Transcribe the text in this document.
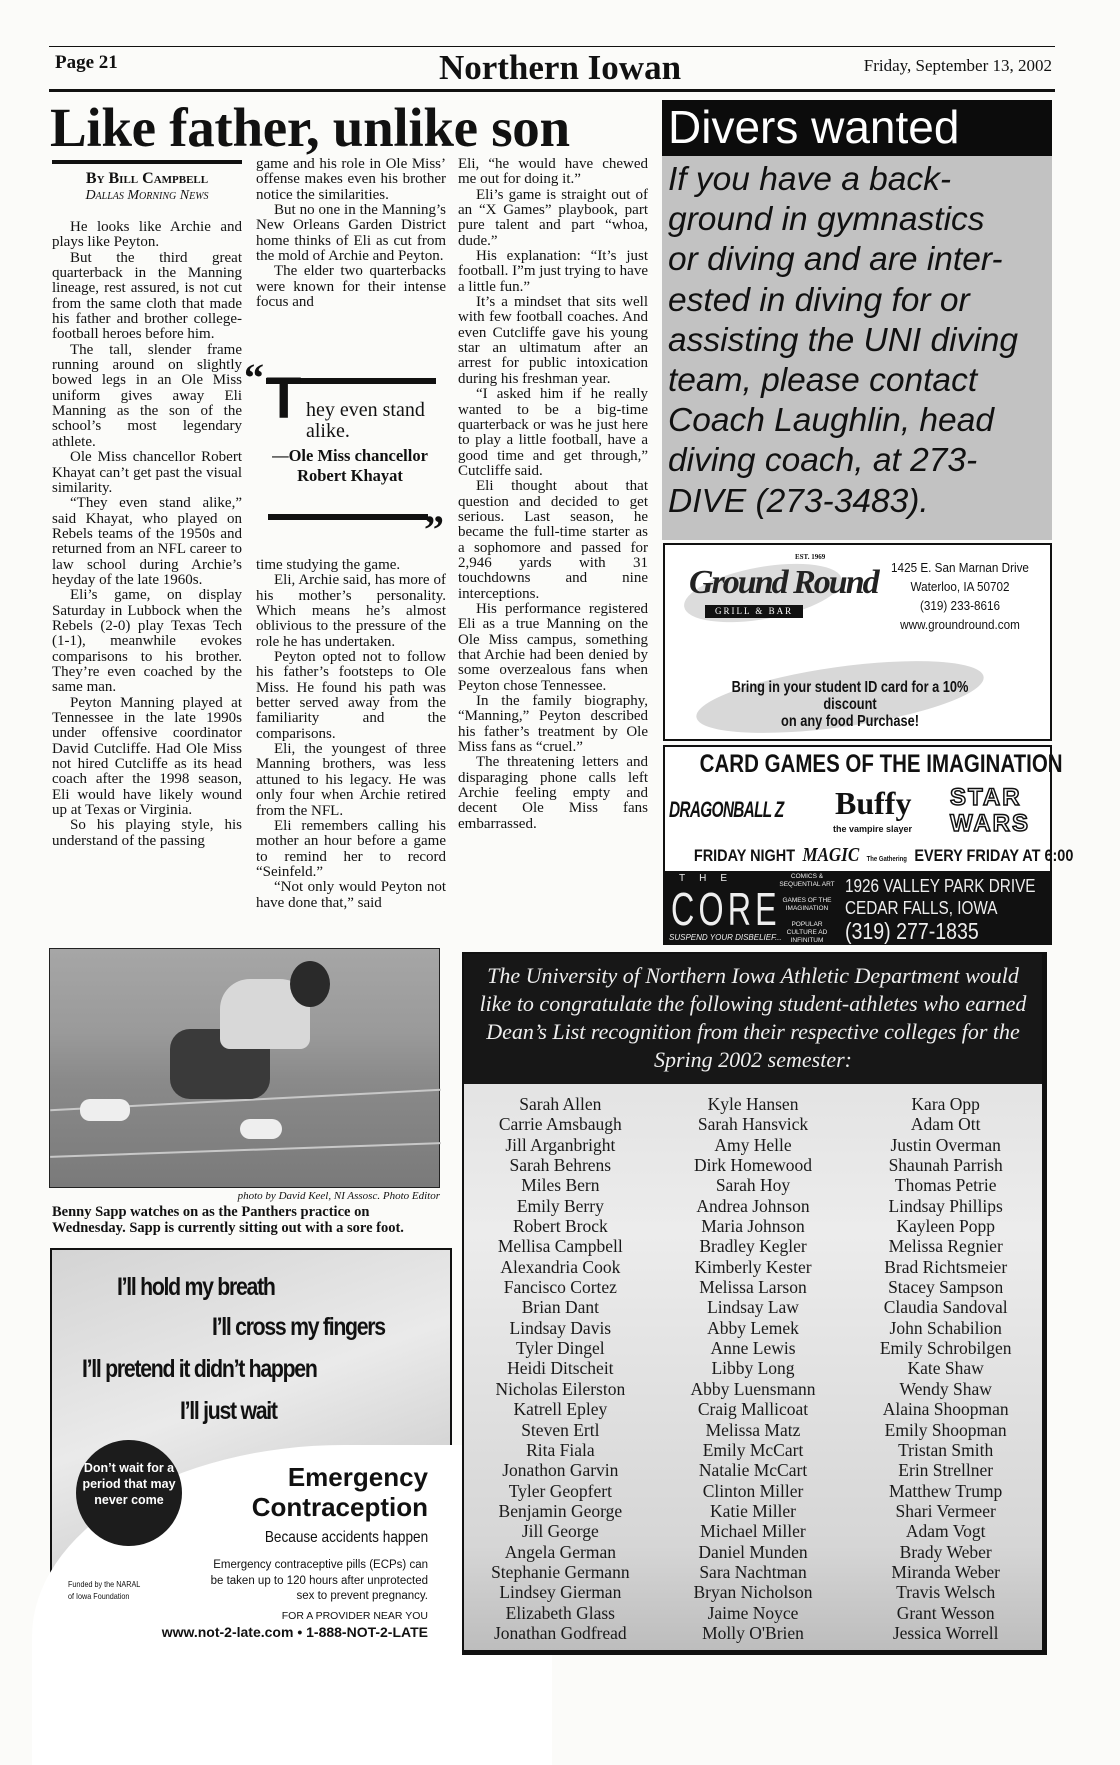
Page 21	Northern Iowan	Friday, September 13, 2002
Like father, unlike son
By Bill Campbell
Dallas Morning News

He looks like Archie and plays like Peyton.

But the third great quarterback in the Manning lineage, rest assured, is not cut from the same cloth that made his father and brother college-football heroes before him.

The tall, slender frame running around on slightly bowed legs in an Ole Miss uniform gives away Eli Manning as the son of the school’s most legendary athlete.

Ole Miss chancellor Robert Khayat can’t get past the visual similarity.

“They even stand alike,” said Khayat, who played on Rebels teams of the 1950s and returned from an NFL career to law school during Archie’s heyday of the late 1960s.

Eli’s game, on display Saturday in Lubbock when the Rebels (2-0) play Texas Tech (1-1), meanwhile evokes comparisons to his brother. They’re even coached by the same man.

Peyton Manning played at Tennessee in the late 1990s under offensive coordinator David Cutcliffe. Had Ole Miss not hired Cutcliffe as its head coach after the 1998 season, Eli would have likely wound up at Texas or Virginia.

So his playing style, his understand of the passing

game and his role in Ole Miss’ offense makes even his brother notice the similarities.

But no one in the Manning’s New Orleans Garden District home thinks of Eli as cut from the mold of Archie and Peyton.

The elder two quarterbacks were known for their intense focus and

“ T hey even stand alike.
—Ole Miss chancellor Robert Khayat
”

time studying the game.

Eli, Archie said, has more of his mother’s personality. Which means he’s almost oblivious to the pressure of the role he has undertaken.

Peyton opted not to follow his father’s footsteps to Ole Miss. He found his path was better served away from the familiarity and the comparisons.

Eli, the youngest of three Manning brothers, was less attuned to his legacy. He was only four when Archie retired from the NFL.

Eli remembers calling his mother an hour before a game to remind her to record “Seinfeld.”

“Not only would Peyton not have done that,” said

Eli, “he would have chewed me out for doing it.”

Eli’s game is straight out of an “X Games” playbook, part pure talent and part “whoa, dude.”

His explanation: “It’s just football. I”m just trying to have a little fun.”

It’s a mindset that sits well with few football coaches. And even Cutcliffe gave his young star an ultimatum after an arrest for public intoxication during his freshman year.

“I asked him if he really wanted to be a big-time quarterback or was he just here to play a little football, have a good time and get through,” Cutcliffe said.

Eli thought about that question and decided to get serious. Last season, he became the full-time starter as a sophomore and passed for 2,946 yards with 31 touchdowns and nine interceptions.

His performance registered Eli as a true Manning on the Ole Miss campus, something that Archie had been denied by some overzealous fans when Peyton chose Tennessee.

In the family biography, “Manning,” Peyton described his father’s treatment by Ole Miss fans as “cruel.”

The threatening letters and disparaging phone calls left Archie feeling empty and decent Ole Miss fans embarrassed.

Divers wanted
If you have a back-
ground in gymnastics
or diving and are inter-
ested in diving for or
assisting the UNI diving
team, please contact
Coach Laughlin, head
diving coach, at 273-
DIVE (273-3483).
EST. 1969
Ground Round
GRILL & BAR
1425 E. San Marnan Drive
Waterloo, IA 50702
(319) 233-8616
www.groundround.com
Bring in your student ID card for a 10% discount
on any food Purchase!
CARD GAMES OF THE IMAGINATION
DRAGONBALL Z Buffy
the vampire slayer
STAR
WARS
FRIDAY NIGHT MAGIC The Gathering EVERY FRIDAY AT 6:00
THE
CORE
SUSPEND YOUR DISBELIEF...
COMICS & SEQUENTIAL ART
GAMES OF THE IMAGINATION
POPULAR CULTURE AD INFINITUM
1926 VALLEY PARK DRIVE
CEDAR FALLS, IOWA
(319) 277-1835
photo by David Keel, NI Assosc. Photo Editor
Benny Sapp watches on as the Panthers practice on Wednesday. Sapp is currently sitting out with a sore foot.
I’ll hold my breath
I’ll cross my fingers
I’ll pretend it didn’t happen
I’ll just wait
Don’t wait for a period that may never come
Emergency
Contraception
Because accidents happen
Emergency contraceptive pills (ECPs) can be taken up to 120 hours after unprotected sex to prevent pregnancy.
Funded by the NARAL of Iowa Foundation
FOR A PROVIDER NEAR YOU
www.not-2-late.com • 1-888-NOT-2-LATE
The University of Northern Iowa Athletic Department would like to congratulate the following student-athletes who earned Dean’s List recognition from their respective colleges for the Spring 2002 semester:
Sarah Allen
Carrie Amsbaugh
Jill Arganbright
Sarah Behrens
Miles Bern
Emily Berry
Robert Brock
Mellisa Campbell
Alexandria Cook
Fancisco Cortez
Brian Dant
Lindsay Davis
Tyler Dingel
Heidi Ditscheit
Nicholas Eilerston
Katrell Epley
Steven Ertl
Rita Fiala
Jonathon Garvin
Tyler Geopfert
Benjamin George
Jill George
Angela German
Stephanie Germann
Lindsey Gierman
Elizabeth Glass
Jonathan Godfread
Kyle Hansen
Sarah Hansvick
Amy Helle
Dirk Homewood
Sarah Hoy
Andrea Johnson
Maria Johnson
Bradley Kegler
Kimberly Kester
Melissa Larson
Lindsay Law
Abby Lemek
Anne Lewis
Libby Long
Abby Luensmann
Craig Mallicoat
Melissa Matz
Emily McCart
Natalie McCart
Clinton Miller
Katie Miller
Michael Miller
Daniel Munden
Sara Nachtman
Bryan Nicholson
Jaime Noyce
Molly O'Brien
Kara Opp
Adam Ott
Justin Overman
Shaunah Parrish
Thomas Petrie
Lindsay Phillips
Kayleen Popp
Melissa Regnier
Brad Richtsmeier
Stacey Sampson
Claudia Sandoval
John Schabilion
Emily Schrobilgen
Kate Shaw
Wendy Shaw
Alaina Shoopman
Emily Shoopman
Tristan Smith
Erin Strellner
Matthew Trump
Shari Vermeer
Adam Vogt
Brady Weber
Miranda Weber
Travis Welsch
Grant Wesson
Jessica Worrell
